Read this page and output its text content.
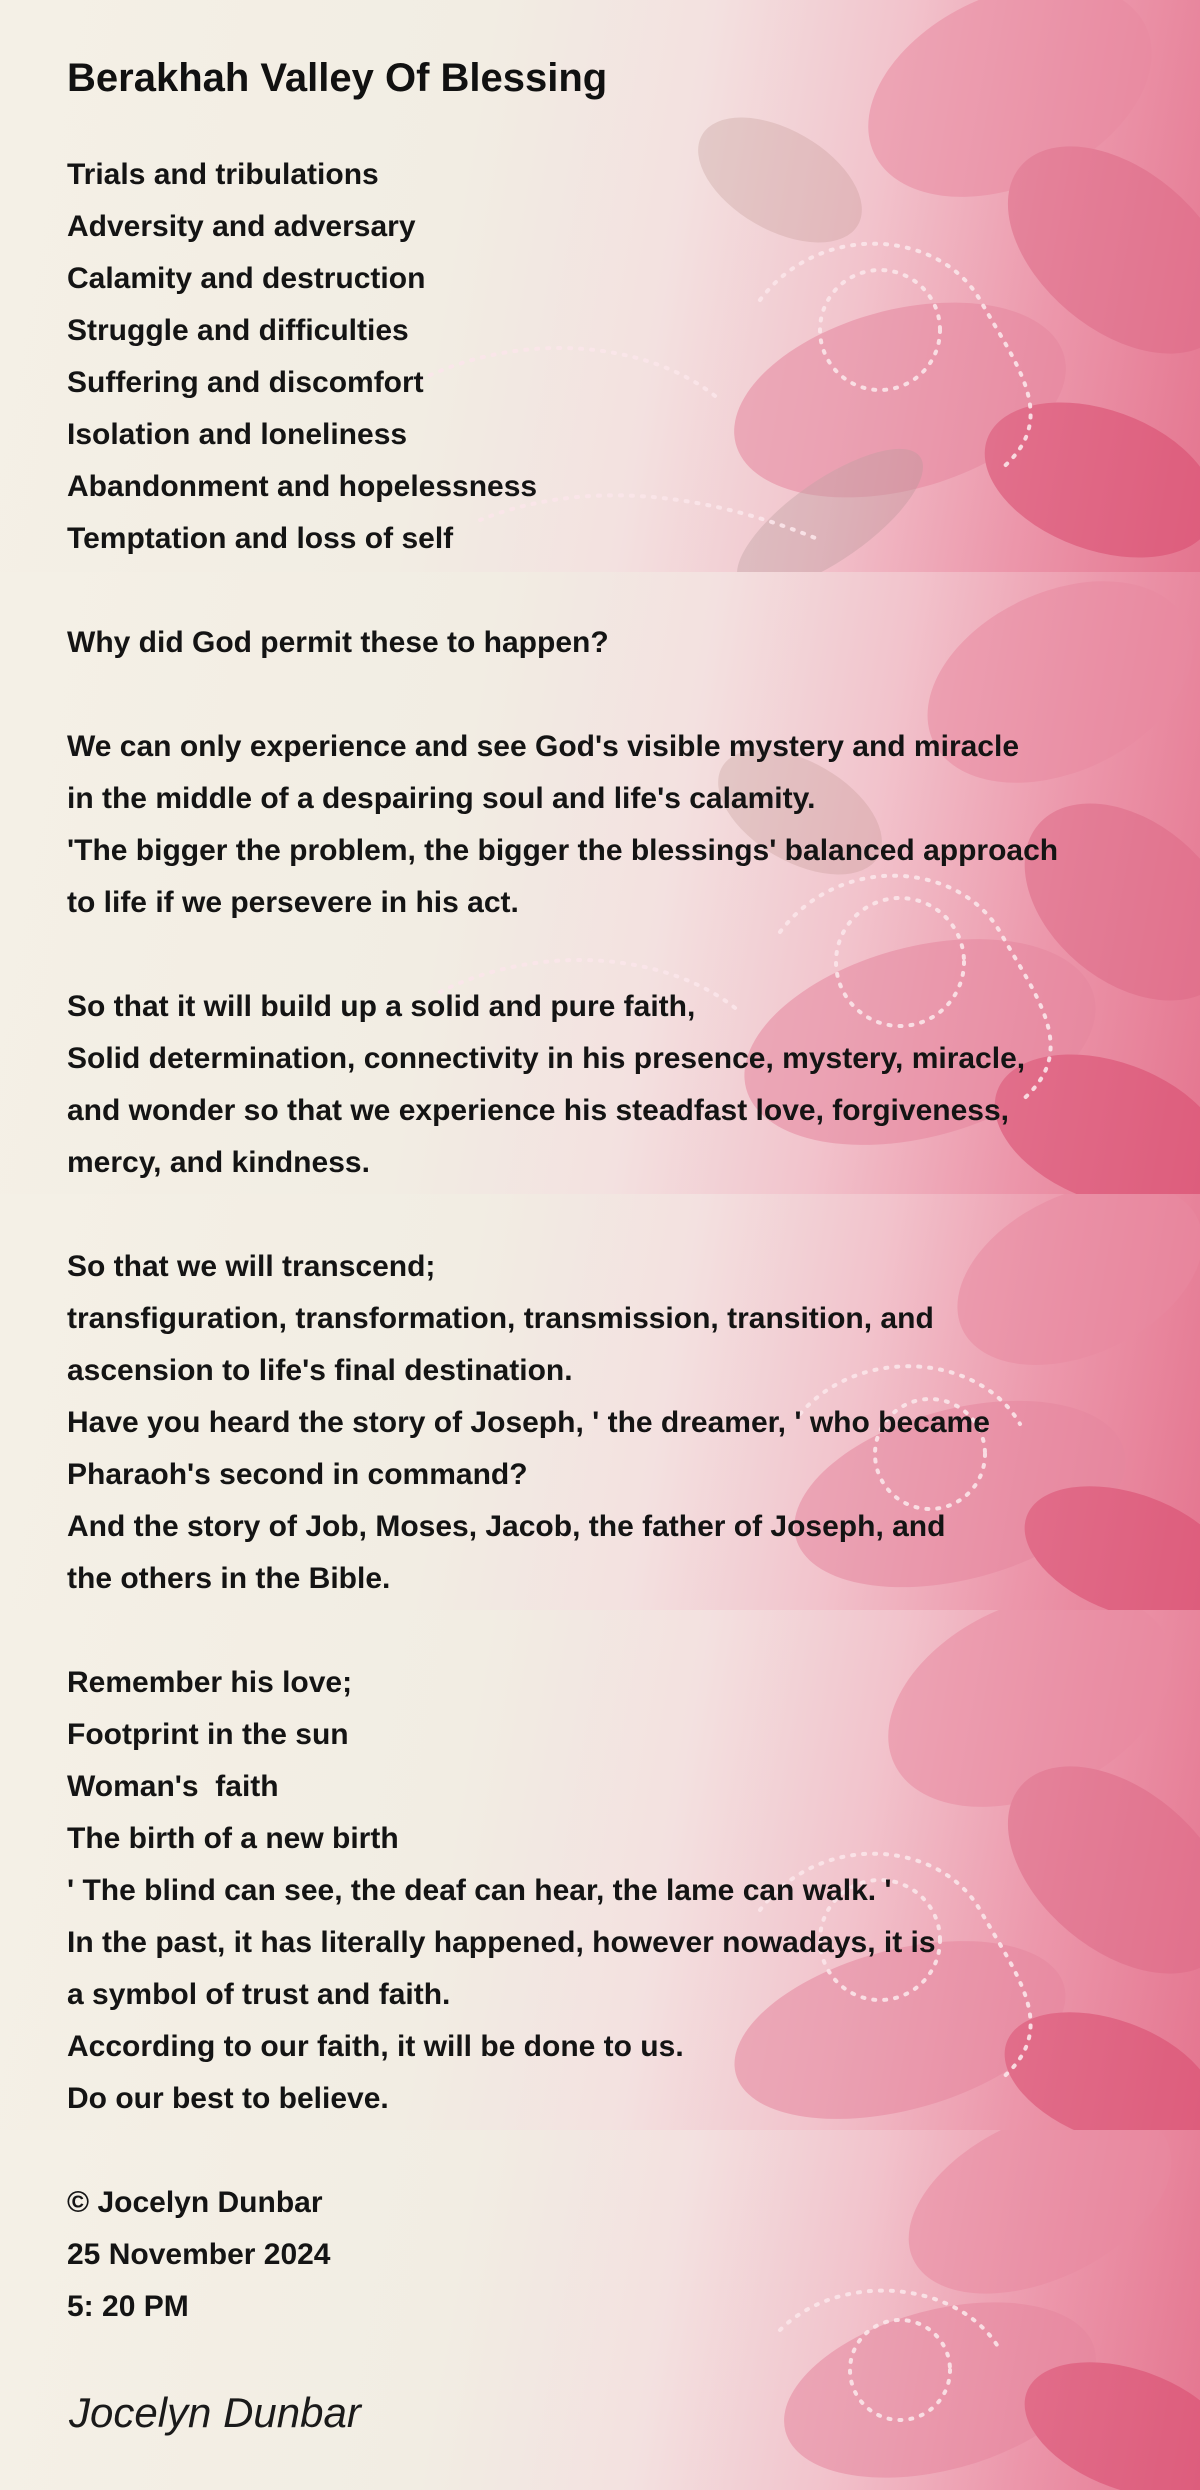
Berakhah Valley Of Blessing
Trials and tribulations
Adversity and adversary
Calamity and destruction
Struggle and difficulties
Suffering and discomfort
Isolation and loneliness
Abandonment and hopelessness
Temptation and loss of self
Why did God permit these to happen?
We can only experience and see God's visible mystery and miracle
in the middle of a despairing soul and life's calamity.
'The bigger the problem, the bigger the blessings' balanced approach
to life if we persevere in his act.
So that it will build up a solid and pure faith,
Solid determination, connectivity in his presence, mystery, miracle,
and wonder so that we experience his steadfast love, forgiveness,
mercy, and kindness.
So that we will transcend;
transfiguration, transformation, transmission, transition, and
ascension to life's final destination.
Have you heard the story of Joseph, ' the dreamer, ' who became
Pharaoh's second in command?
And the story of Job, Moses, Jacob, the father of Joseph, and
the others in the Bible.
Remember his love;
Footprint in the sun
Woman's  faith
The birth of a new birth
' The blind can see, the deaf can hear, the lame can walk. '
In the past, it has literally happened, however nowadays, it is
a symbol of trust and faith.
According to our faith, it will be done to us.
Do our best to believe.
© Jocelyn Dunbar
25 November 2024
5: 20 PM
Jocelyn Dunbar
